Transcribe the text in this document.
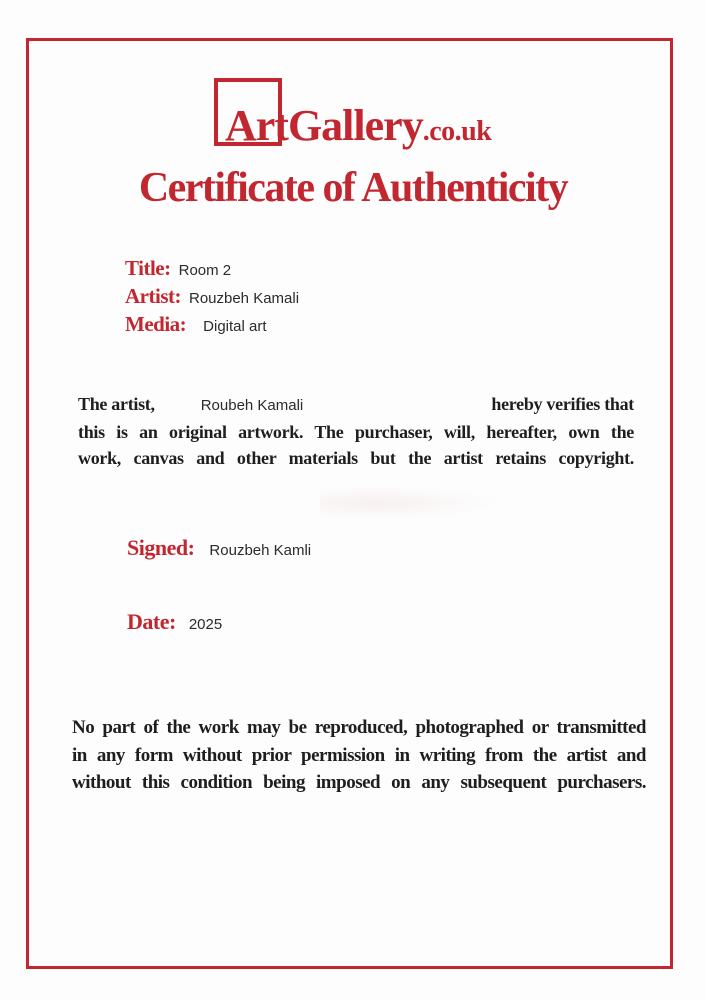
ArtGallery.co.uk
Certificate of Authenticity
Title: Room 2
Artist: Rouzbeh Kamali
Media: Digital art
The artist,	Roubeh Kamali	hereby verifies that
this is an original artwork. The purchaser, will, hereafter, own the
work, canvas and other materials but the artist retains copyright.
Signed: Rouzbeh Kamli
Date: 2025
No part of the work may be reproduced, photographed or transmitted
in any form without prior permission in writing from the artist and
without this condition being imposed on any subsequent purchasers.
